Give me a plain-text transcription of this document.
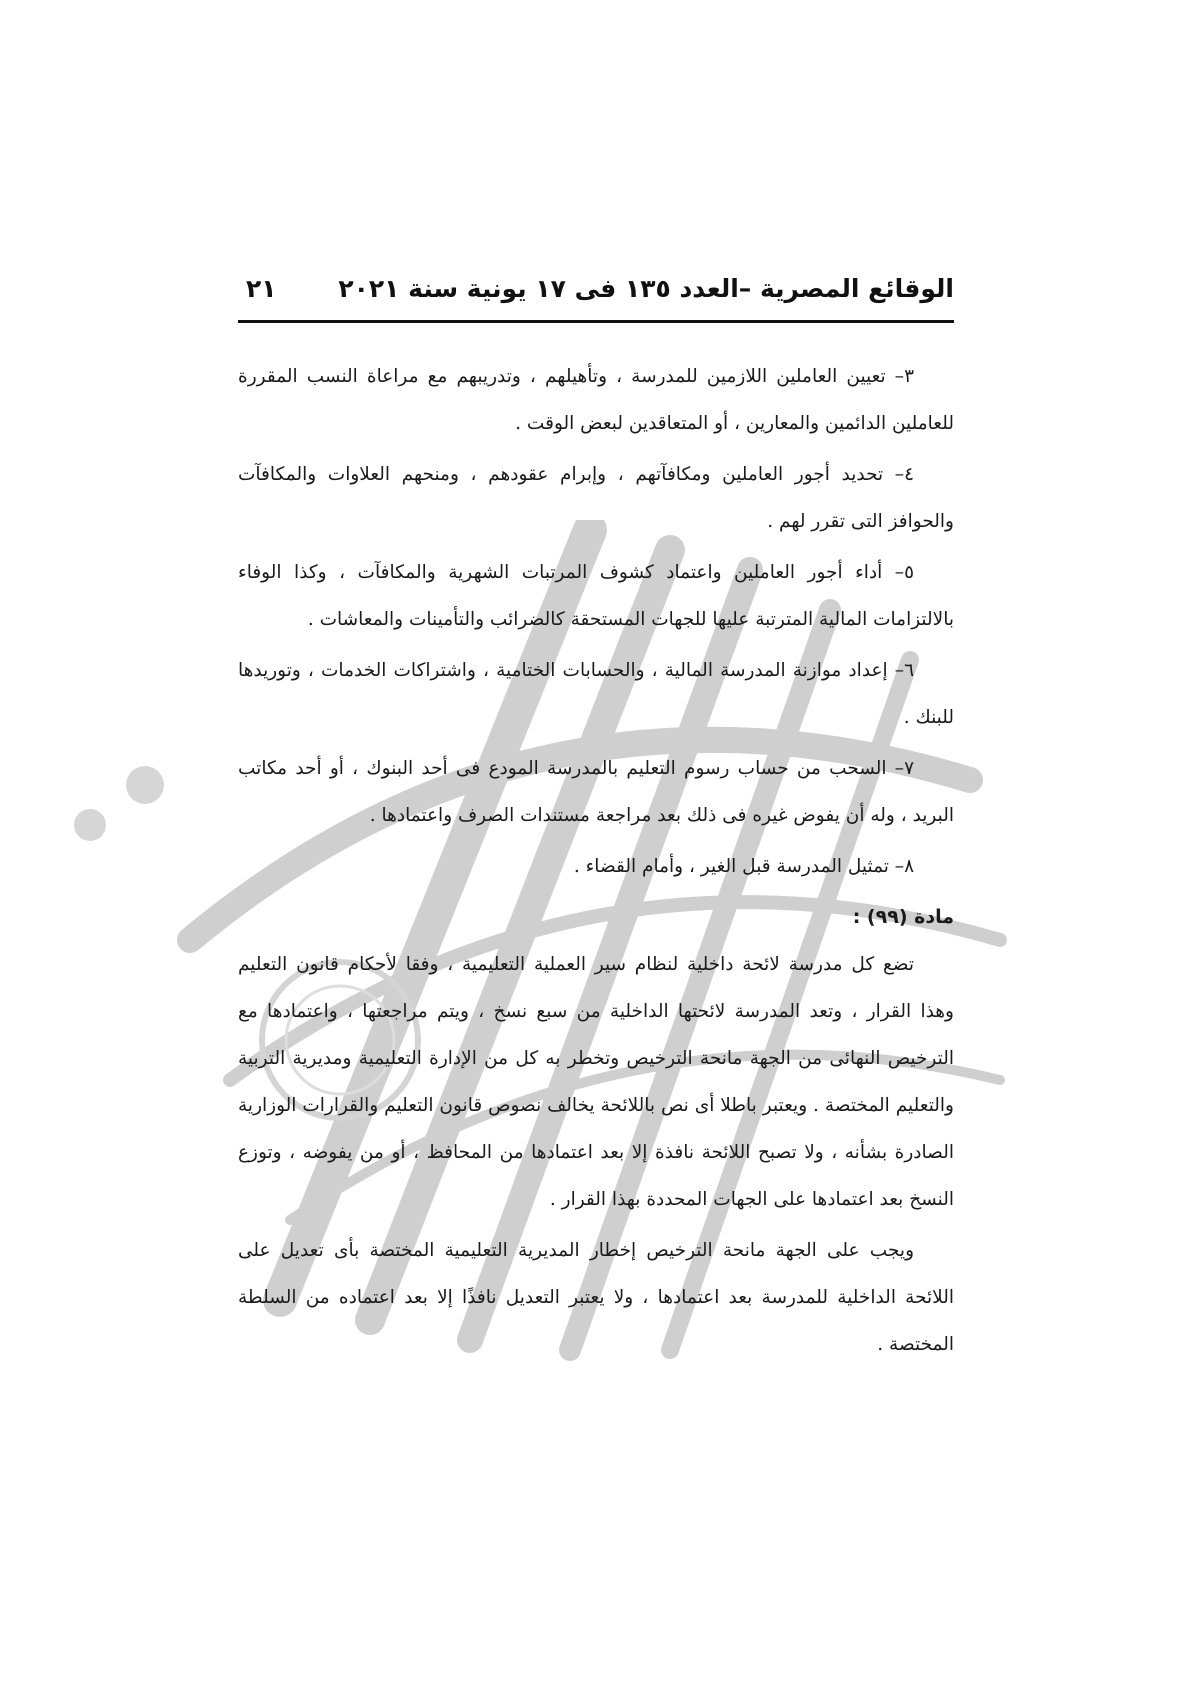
الوقائع المصرية –العدد ١٣٥ فى ١٧ يونية سنة ٢٠٢١
٢١

٣– تعيين العاملين اللازمين للمدرسة ، وتأهيلهم ، وتدريبهم مع مراعاة النسب المقررة للعاملين الدائمين والمعارين ، أو المتعاقدين لبعض الوقت .

٤– تحديد أجور العاملين ومكافآتهم ، وإبرام عقودهم ، ومنحهم العلاوات والمكافآت والحوافز التى تقرر لهم .

٥– أداء أجور العاملين واعتماد كشوف المرتبات الشهرية والمكافآت ، وكذا الوفاء بالالتزامات المالية المترتبة عليها للجهات المستحقة كالضرائب والتأمينات والمعاشات .

٦– إعداد موازنة المدرسة المالية ، والحسابات الختامية ، واشتراكات الخدمات ، وتوريدها للبنك .

٧– السحب من حساب رسوم التعليم بالمدرسة المودع فى أحد البنوك ، أو أحد مكاتب البريد ، وله أن يفوض غيره فى ذلك بعد مراجعة مستندات الصرف واعتمادها .

٨– تمثيل المدرسة قبل الغير ، وأمام القضاء .

مادة (٩٩) :

تضع كل مدرسة لائحة داخلية لنظام سير العملية التعليمية ، وفقا لأحكام قانون التعليم وهذا القرار ، وتعد المدرسة لائحتها الداخلية من سبع نسخ ، ويتم مراجعتها ، واعتمادها مع الترخيص النهائى من الجهة مانحة الترخيص وتخطر به كل من الإدارة التعليمية ومديرية التربية والتعليم المختصة . ويعتبر باطلا أى نص باللائحة يخالف نصوص قانون التعليم والقرارات الوزارية الصادرة بشأنه ، ولا تصبح اللائحة نافذة إلا بعد اعتمادها من المحافظ ، أو من يفوضه ، وتوزع النسخ بعد اعتمادها على الجهات المحددة بهذا القرار .

ويجب على الجهة مانحة الترخيص إخطار المديرية التعليمية المختصة بأى تعديل على اللائحة الداخلية للمدرسة بعد اعتمادها ، ولا يعتبر التعديل نافذًا إلا بعد اعتماده من السلطة المختصة .
